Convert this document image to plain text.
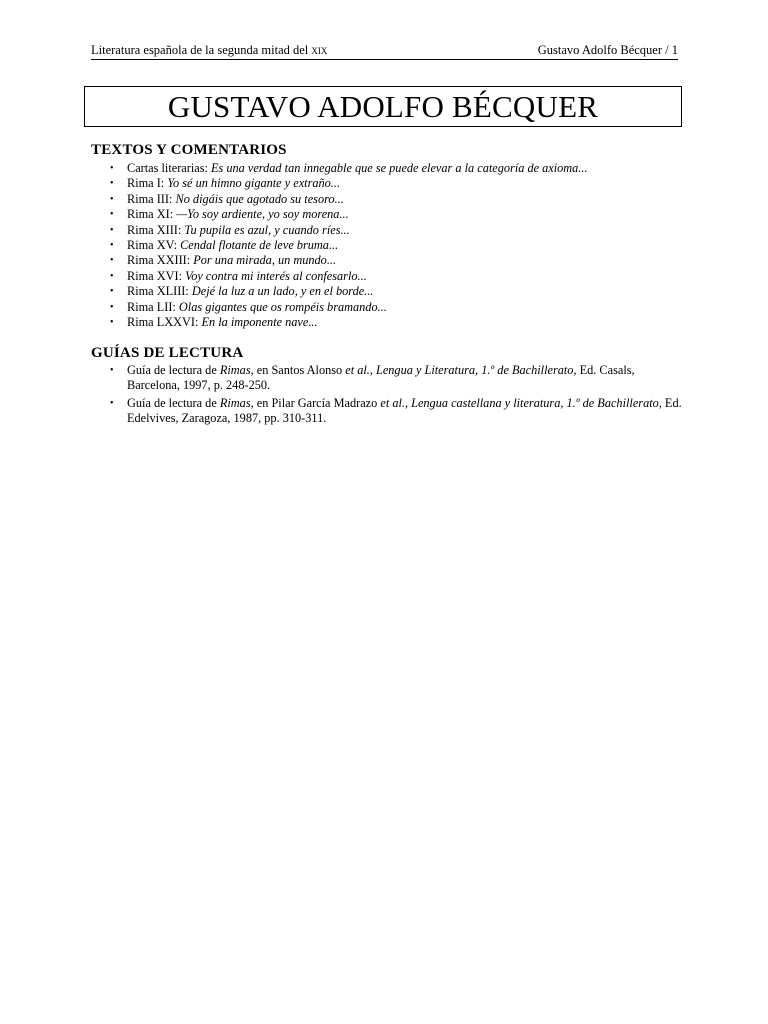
Literatura española de la segunda mitad del xix	Gustavo Adolfo Bécquer / 1
GUSTAVO ADOLFO BÉCQUER
TEXTOS Y COMENTARIOS
• Cartas literarias: Es una verdad tan innegable que se puede elevar a la categoría de axioma...
• Rima I: Yo sé un himno gigante y extraño...
• Rima III: No digáis que agotado su tesoro...
• Rima XI: —Yo soy ardiente, yo soy morena...
• Rima XIII: Tu pupila es azul, y cuando ríes...
• Rima XV: Cendal flotante de leve bruma...
• Rima XXIII: Por una mirada, un mundo...
• Rima XVI: Voy contra mi interés al confesarlo...
• Rima XLIII: Dejé la luz a un lado, y en el borde...
• Rima LII: Olas gigantes que os rompéis bramando...
• Rima LXXVI: En la imponente nave...
GUÍAS DE LECTURA
• Guía de lectura de Rimas, en Santos Alonso et al., Lengua y Literatura, 1.º de Bachillerato, Ed. Casals, Barcelona, 1997, p. 248-250.
• Guía de lectura de Rimas, en Pilar García Madrazo et al., Lengua castellana y literatura, 1.º de Bachillerato, Ed. Edelvives, Zaragoza, 1987, pp. 310-311.
